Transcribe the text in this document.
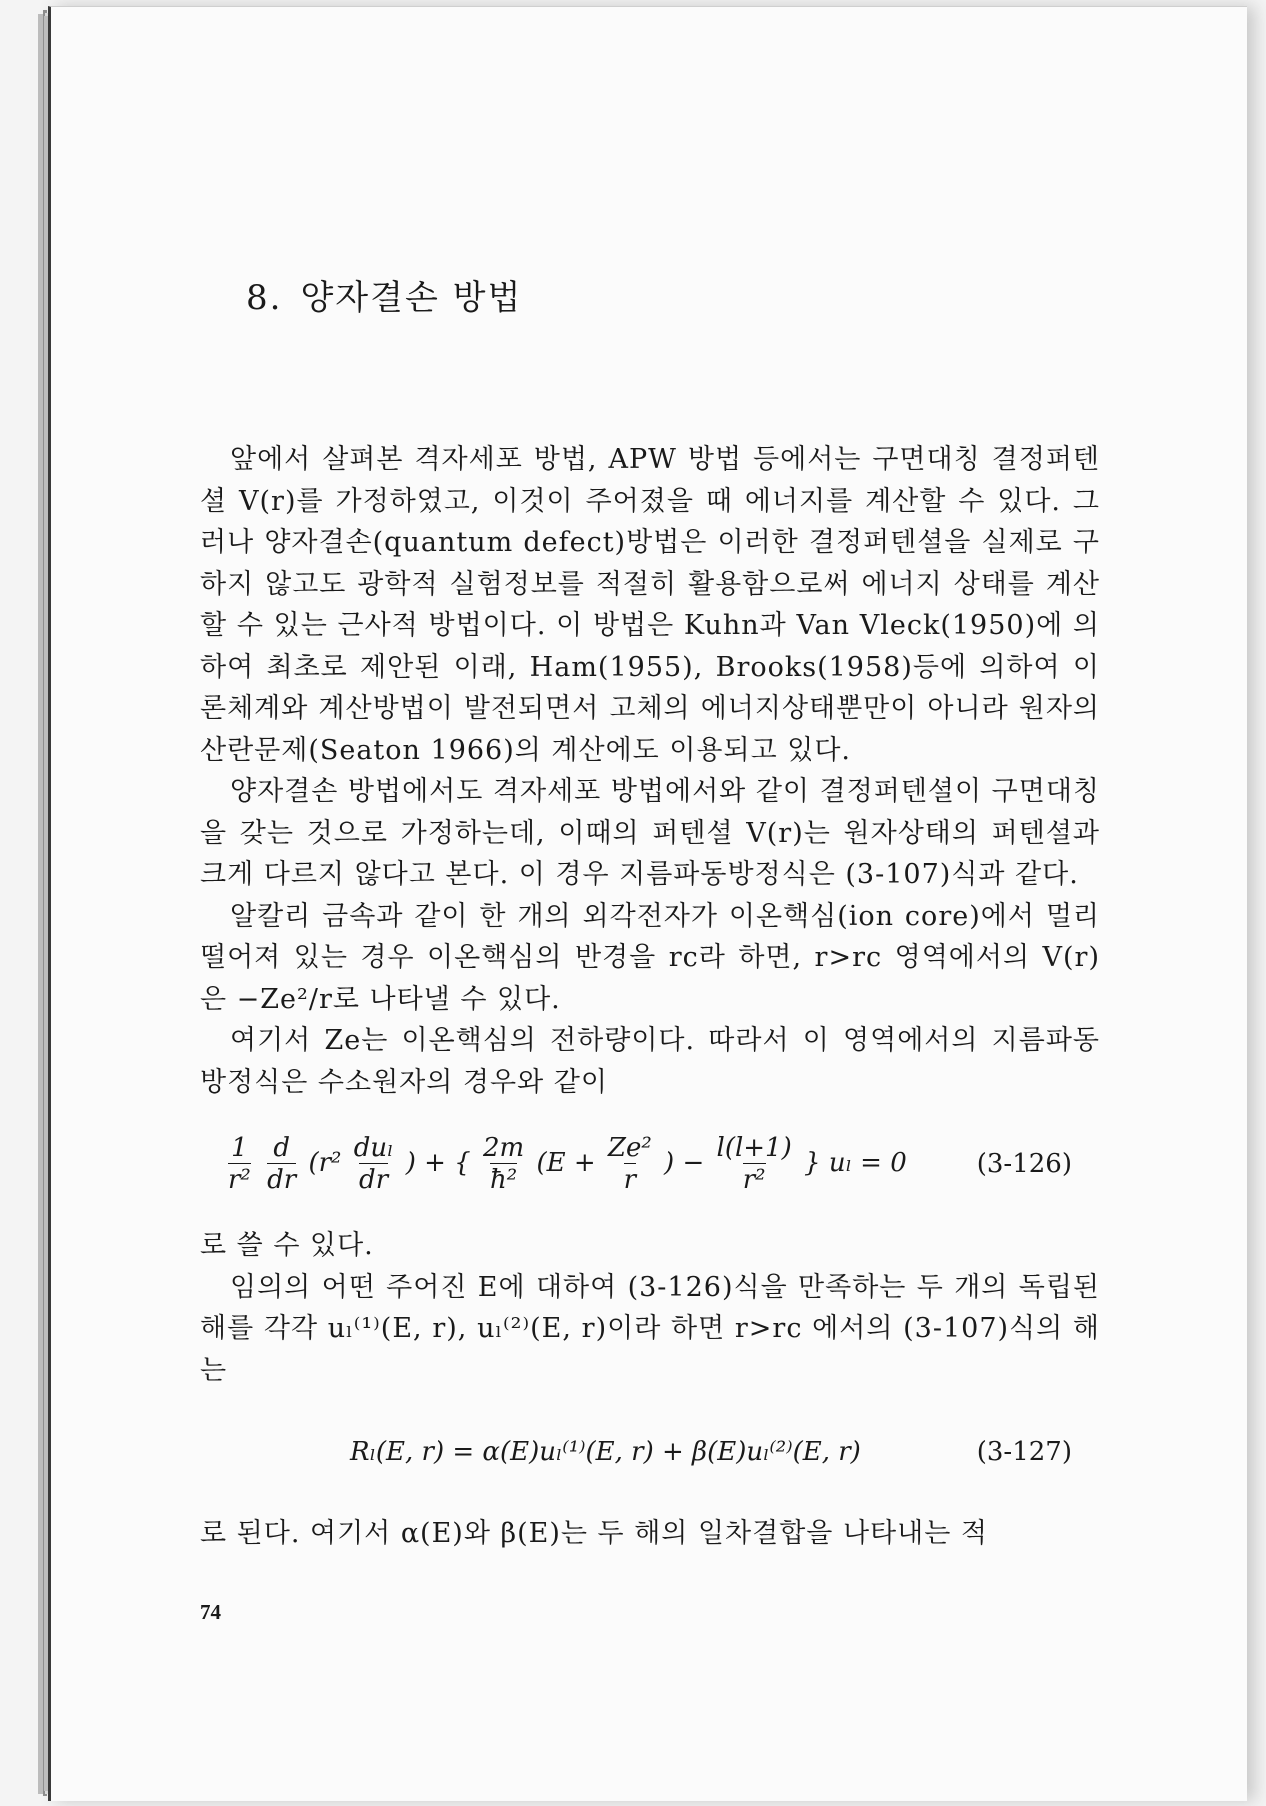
8. 양자결손 방법

앞에서 살펴본 격자세포 방법, APW 방법 등에서는 구면대칭 결정퍼텐셜 V(r)를 가정하였고, 이것이 주어졌을 때 에너지를 계산할 수 있다. 그러나 양자결손(quantum defect)방법은 이러한 결정퍼텐셜을 실제로 구하지 않고도 광학적 실험정보를 적절히 활용함으로써 에너지 상태를 계산할 수 있는 근사적 방법이다. 이 방법은 Kuhn과 Van Vleck(1950)에 의하여 최초로 제안된 이래, Ham(1955), Brooks(1958)등에 의하여 이론체계와 계산방법이 발전되면서 고체의 에너지상태뿐만이 아니라 원자의 산란문제(Seaton 1966)의 계산에도 이용되고 있다.

양자결손 방법에서도 격자세포 방법에서와 같이 결정퍼텐셜이 구면대칭을 갖는 것으로 가정하는데, 이때의 퍼텐셜 V(r)는 원자상태의 퍼텐셜과 크게 다르지 않다고 본다. 이 경우 지름파동방정식은 (3-107)식과 같다.

알칼리 금속과 같이 한 개의 외각전자가 이온핵심(ion core)에서 멀리 떨어져 있는 경우 이온핵심의 반경을 rc라 하면, r>rc 영역에서의 V(r)은 −Ze²/r로 나타낼 수 있다.

여기서 Ze는 이온핵심의 전하량이다. 따라서 이 영역에서의 지름파동방정식은 수소원자의 경우와 같이

$\frac{1}{\text{r²}}$
$\frac{d}{dr} (r^2 \frac{\text{duₗ}}{dr}$ ) + { $\frac{2m}{\text{ħ²}} (E + \frac{\text{Ze²}}{r}$ ) − $\frac{l(l+1)}{\text{r²}}$ } uₗ = 0	(3-126)

로 쓸 수 있다.

임의의 어떤 주어진 E에 대하여 (3-126)식을 만족하는 두 개의 독립된 해를 각각 uₗ⁽¹⁾(E, r), uₗ⁽²⁾(E, r)이라 하면 r>rc 에서의 (3-107)식의 해는

Rₗ(E, r) = α(E)uₗ⁽¹⁾(E, r) + β(E)uₗ⁽²⁾(E, r)	(3-127)

로 된다. 여기서 α(E)와 β(E)는 두 해의 일차결합을 나타내는 적

74
